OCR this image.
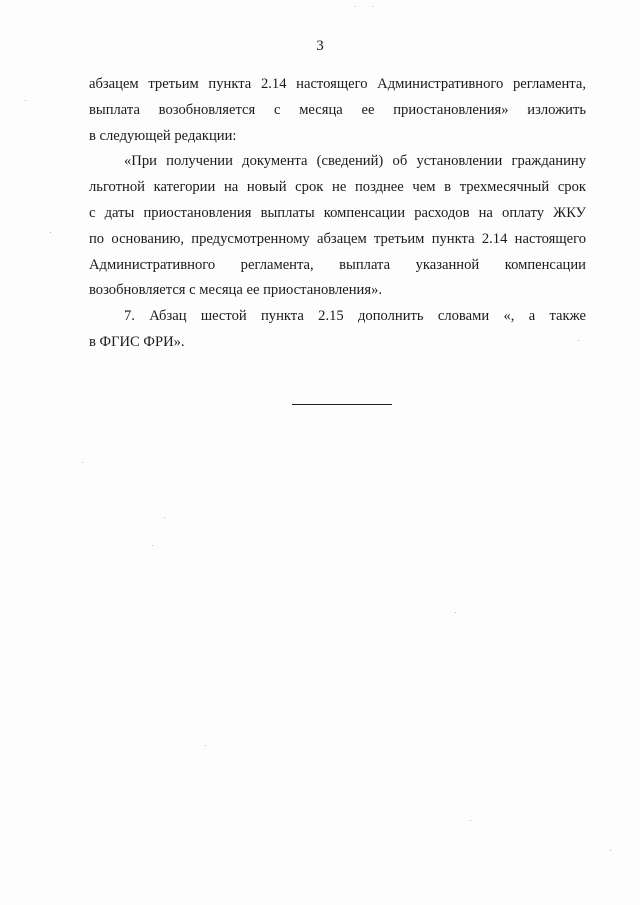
3
абзацем третьим пункта 2.14 настоящего Административного регламента,
выплата возобновляется с месяца ее приостановления» изложить
в следующей редакции:
«При получении документа (сведений) об установлении гражданину
льготной категории на новый срок не позднее чем в трехмесячный срок
с даты приостановления выплаты компенсации расходов на оплату ЖКУ
по основанию, предусмотренному абзацем третьим пункта 2.14 настоящего
Административного регламента, выплата указанной компенсации
возобновляется с месяца ее приостановления».
7. Абзац шестой пункта 2.15 дополнить словами «, а также
в ФГИС ФРИ».
